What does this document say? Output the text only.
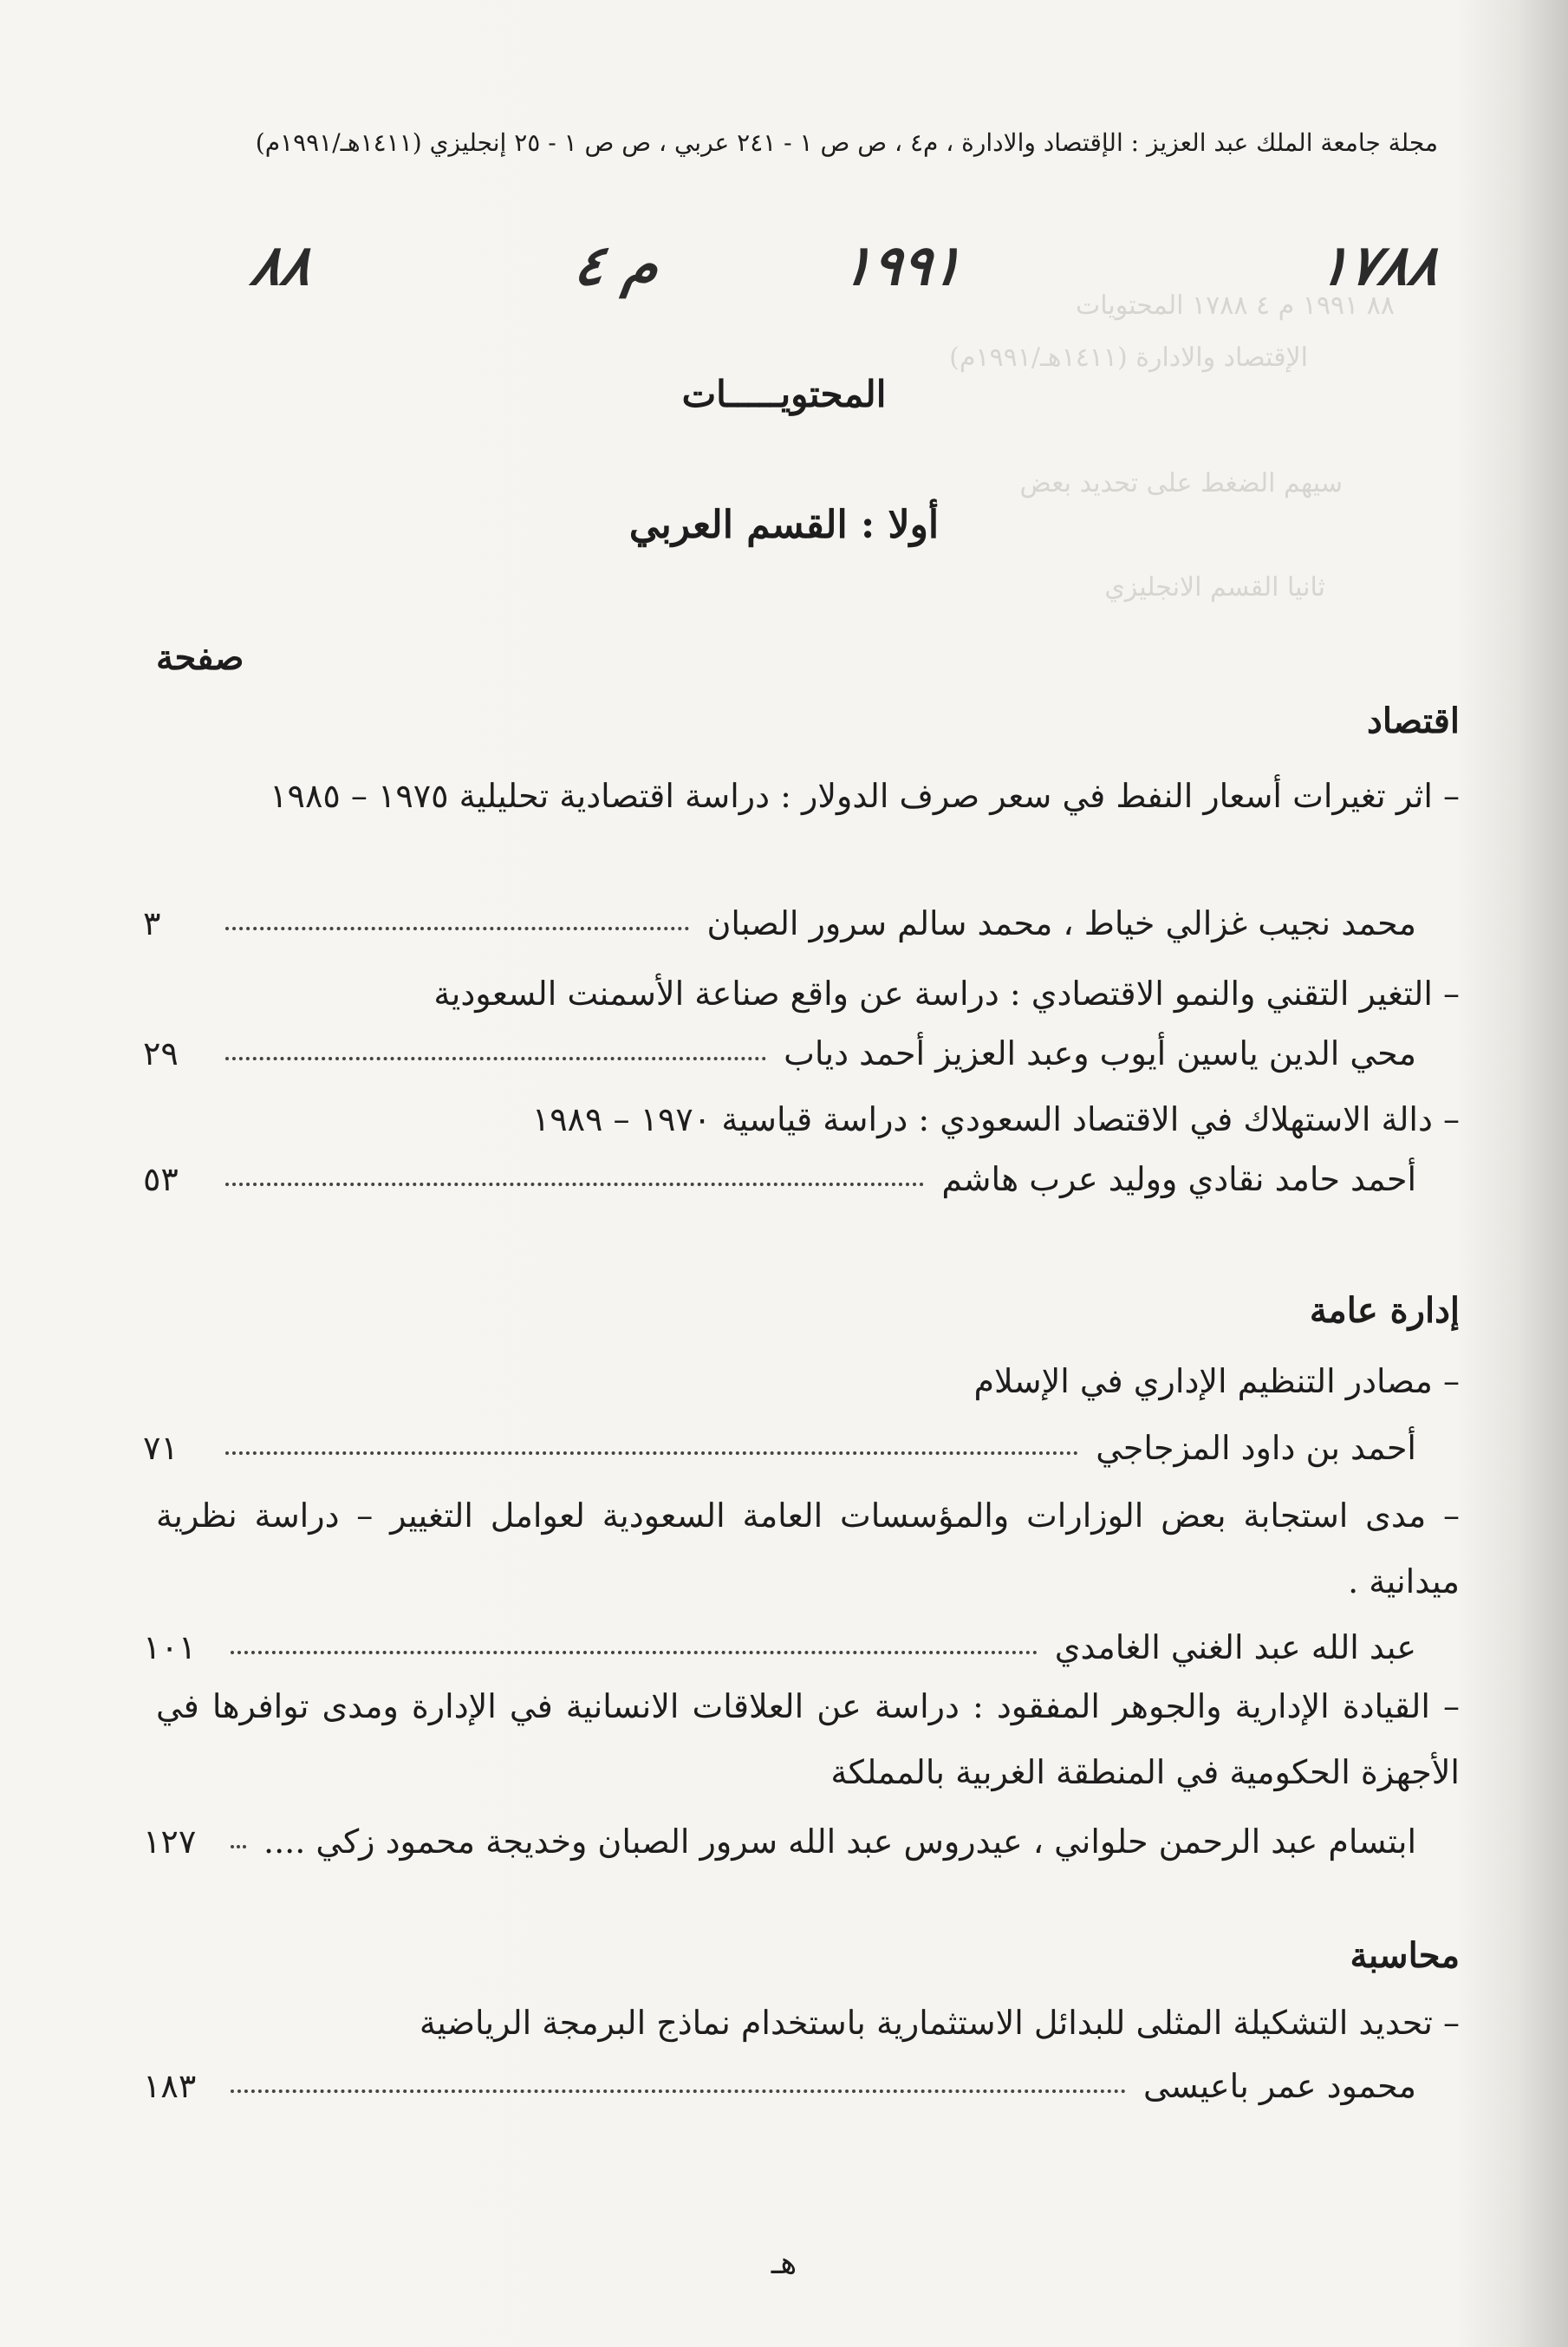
مجلة جامعة الملك عبد العزيز : الإقتصاد والادارة ، م٤ ، ص ص ١ - ٢٤١ عربي ، ص ص ١ - ٢٥ إنجليزي (١٤١١هـ/١٩٩١م)
١٧٨٨
١٩٩١
م ٤
٨٨
٨٨ ١٩٩١ م ٤ ١٧٨٨ المحتويات
الإقتصاد والادارة (١٤١١هـ/١٩٩١م)
سيهم الضغط على تحديد بعض
ثانيا القسم الانجليزي
المحتويـــــات
أولا : القسم العربي
صفحة
اقتصاد
– اثر تغيرات أسعار النفط في سعر صرف الدولار : دراسة اقتصادية تحليلية ١٩٧٥ – ١٩٨٥
محمد نجيب غزالي خياط ، محمد سالم سرور الصبان
٣
– التغير التقني والنمو الاقتصادي : دراسة عن واقع صناعة الأسمنت السعودية
محي الدين ياسين أيوب وعبد العزيز أحمد دياب
٢٩
– دالة الاستهلاك في الاقتصاد السعودي : دراسة قياسية ١٩٧٠ – ١٩٨٩
أحمد حامد نقادي ووليد عرب هاشم
٥٣
إدارة عامة
– مصادر التنظيم الإداري في الإسلام
أحمد بن داود المزجاجي
٧١
– مدى استجابة بعض الوزارات والمؤسسات العامة السعودية لعوامل التغيير – دراسة نظرية ميدانية .
عبد الله عبد الغني الغامدي
١٠١
– القيادة الإدارية والجوهر المفقود : دراسة عن العلاقات الانسانية في الإدارة ومدى توافرها في الأجهزة الحكومية في المنطقة الغربية بالمملكة
ابتسام عبد الرحمن حلواني ، عيدروس عبد الله سرور الصبان وخديجة محمود زكي ....
١٢٧
محاسبة
– تحديد التشكيلة المثلى للبدائل الاستثمارية باستخدام نماذج البرمجة الرياضية
محمود عمر باعيسى
١٨٣
هـ
